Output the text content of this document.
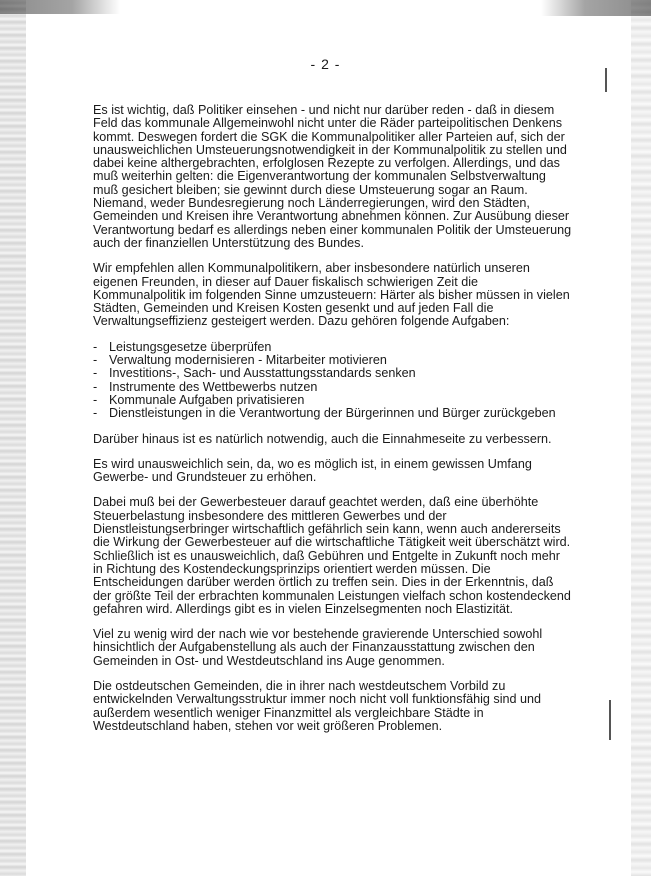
- 2 -

Es ist wichtig, daß Politiker einsehen - und nicht nur darüber reden - daß in diesem Feld das kommunale Allgemeinwohl nicht unter die Räder parteipolitischen Denkens kommt. Deswegen fordert die SGK die Kommunalpolitiker aller Parteien auf, sich der unausweichlichen Umsteuerungsnotwendigkeit in der Kommunalpolitik zu stellen und dabei keine althergebrachten, erfolglosen Rezepte zu verfolgen. Allerdings, und das muß weiterhin gelten: die Eigenverantwortung der kommunalen Selbstverwaltung muß gesichert bleiben; sie gewinnt durch diese Umsteuerung sogar an Raum. Niemand, weder Bundesregierung noch Länderregierungen, wird den Städten, Gemeinden und Kreisen ihre Verantwortung abnehmen können. Zur Ausübung dieser Verantwortung bedarf es allerdings neben einer kommunalen Politik der Umsteuerung auch der finanziellen Unterstützung des Bundes.

Wir empfehlen allen Kommunalpolitikern, aber insbesondere natürlich unseren eigenen Freunden, in dieser auf Dauer fiskalisch schwierigen Zeit die Kommunalpolitik im folgenden Sinne umzusteuern: Härter als bisher müssen in vielen Städten, Gemeinden und Kreisen Kosten gesenkt und auf jeden Fall die Verwaltungseffizienz gesteigert werden. Dazu gehören folgende Aufgaben:

- Leistungsgesetze überprüfen
- Verwaltung modernisieren - Mitarbeiter motivieren
- Investitions-, Sach- und Ausstattungsstandards senken
- Instrumente des Wettbewerbs nutzen
- Kommunale Aufgaben privatisieren
- Dienstleistungen in die Verantwortung der Bürgerinnen und Bürger zurückgeben

Darüber hinaus ist es natürlich notwendig, auch die Einnahmeseite zu verbessern.

Es wird unausweichlich sein, da, wo es möglich ist, in einem gewissen Umfang Gewerbe- und Grundsteuer zu erhöhen.

Dabei muß bei der Gewerbesteuer darauf geachtet werden, daß eine überhöhte Steuerbelastung insbesondere des mittleren Gewerbes und der Dienstleistungserbringer wirtschaftlich gefährlich sein kann, wenn auch andererseits die Wirkung der Gewerbesteuer auf die wirtschaftliche Tätigkeit weit überschätzt wird.

Schließlich ist es unausweichlich, daß Gebühren und Entgelte in Zukunft noch mehr in Richtung des Kostendeckungsprinzips orientiert werden müssen. Die Entscheidungen darüber werden örtlich zu treffen sein. Dies in der Erkenntnis, daß der größte Teil der erbrachten kommunalen Leistungen vielfach schon kostendeckend gefahren wird. Allerdings gibt es in vielen Einzelsegmenten noch Elastizität.

Viel zu wenig wird der nach wie vor bestehende gravierende Unterschied sowohl hinsichtlich der Aufgabenstellung als auch der Finanzausstattung zwischen den Gemeinden in Ost- und Westdeutschland ins Auge genommen.

Die ostdeutschen Gemeinden, die in ihrer nach westdeutschem Vorbild zu entwickelnden Verwaltungsstruktur immer noch nicht voll funktionsfähig sind und außerdem wesentlich weniger Finanzmittel als vergleichbare Städte in Westdeutschland haben, stehen vor weit größeren Problemen.
